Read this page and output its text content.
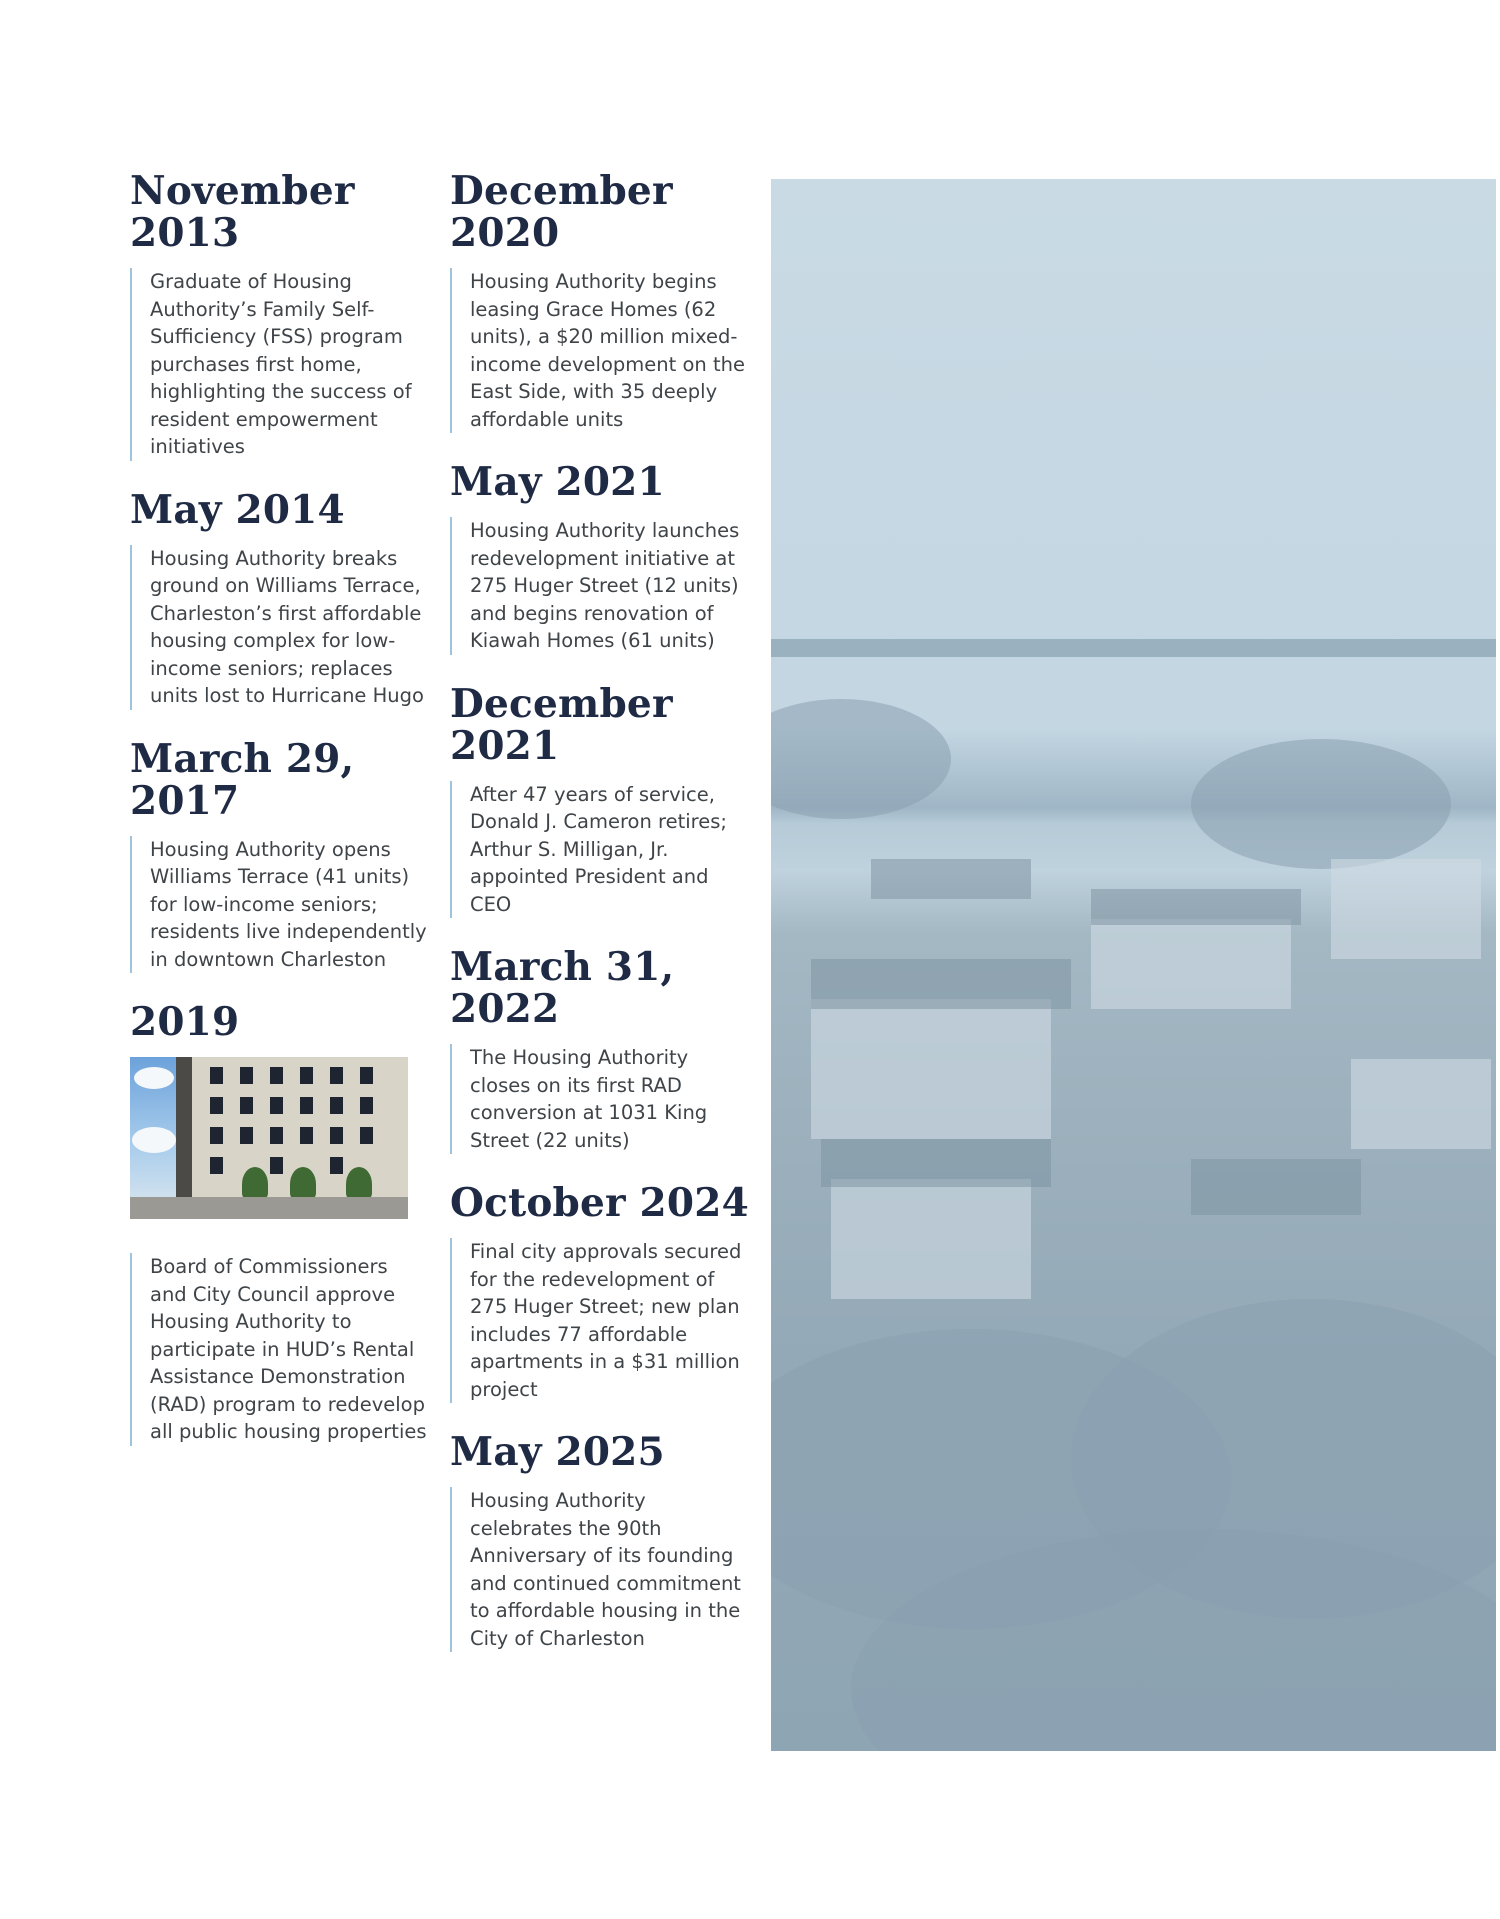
November 2013

Graduate of Housing Authority’s Family Self-Sufficiency (FSS) program purchases first home, highlighting the success of resident empowerment initiatives

May 2014

Housing Authority breaks ground on Williams Terrace, Charleston’s first affordable housing complex for low-income seniors; replaces units lost to Hurricane Hugo

March 29, 2017

Housing Authority opens Williams Terrace (41 units) for low-income seniors; residents live independently in downtown Charleston

2019

Board of Commissioners and City Council approve Housing Authority to participate in HUD’s Rental Assistance Demonstration (RAD) program to redevelop all public housing properties

December 2020

Housing Authority begins leasing Grace Homes (62 units), a $20 million mixed-income development on the East Side, with 35 deeply affordable units

May 2021

Housing Authority launches redevelopment initiative at 275 Huger Street (12 units) and begins renovation of Kiawah Homes (61 units)

December 2021

After 47 years of service, Donald J. Cameron retires; Arthur S. Milligan, Jr. appointed President and CEO

March 31, 2022

The Housing Authority closes on its first RAD conversion at 1031 King Street (22 units)

October 2024

Final city approvals secured for the redevelopment of 275 Huger Street; new plan includes 77 affordable apartments in a $31 million project

May 2025

Housing Authority celebrates the 90th Anniversary of its founding and continued commitment to affordable housing in the City of Charleston
